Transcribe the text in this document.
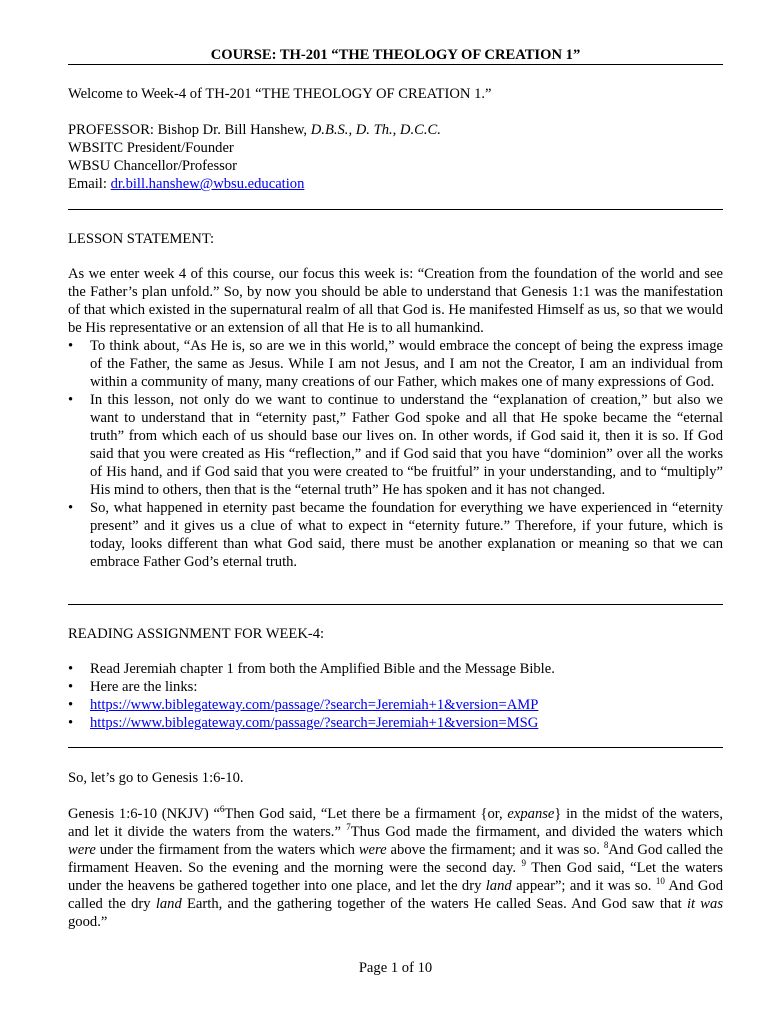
COURSE: TH-201 “THE THEOLOGY OF CREATION 1”
Welcome to Week-4 of TH-201 “THE THEOLOGY OF CREATION 1.”
PROFESSOR: Bishop Dr. Bill Hanshew, D.B.S., D. Th., D.C.C.
WBSITC President/Founder
WBSU Chancellor/Professor
Email: dr.bill.hanshew@wbsu.education
LESSON STATEMENT:
As we enter week 4 of this course, our focus this week is: “Creation from the foundation of the world and see the Father’s plan unfold.” So, by now you should be able to understand that Genesis 1:1 was the manifestation of that which existed in the supernatural realm of all that God is. He manifested Himself as us, so that we would be His representative or an extension of all that He is to all humankind.
•	To think about, “As He is, so are we in this world,” would embrace the concept of being the express image of the Father, the same as Jesus. While I am not Jesus, and I am not the Creator, I am an individual from within a community of many, many creations of our Father, which makes one of many expressions of God.
•	In this lesson, not only do we want to continue to understand the “explanation of creation,” but also we want to understand that in “eternity past,” Father God spoke and all that He spoke became the “eternal truth” from which each of us should base our lives on. In other words, if God said it, then it is so. If God said that you were created as His “reflection,” and if God said that you have “dominion” over all the works of His hand, and if God said that you were created to “be fruitful” in your understanding, and to “multiply” His mind to others, then that is the “eternal truth” He has spoken and it has not changed.
•	So, what happened in eternity past became the foundation for everything we have experienced in “eternity present” and it gives us a clue of what to expect in “eternity future.” Therefore, if your future, which is today, looks different than what God said, there must be another explanation or meaning so that we can embrace Father God’s eternal truth.
READING ASSIGNMENT FOR WEEK-4:
•	Read Jeremiah chapter 1 from both the Amplified Bible and the Message Bible.
•	Here are the links:
•	https://www.biblegateway.com/passage/?search=Jeremiah+1&version=AMP
•	https://www.biblegateway.com/passage/?search=Jeremiah+1&version=MSG
So, let’s go to Genesis 1:6-10.
Genesis 1:6-10 (NKJV) “$^6$Then God said, “Let there be a firmament {or, expanse} in the midst of the waters, and let it divide the waters from the waters.” $^7$Thus God made the firmament, and divided the waters which were under the firmament from the waters which were above the firmament; and it was so. $^8$And God called the firmament Heaven. So the evening and the morning were the second day. $^9$ Then God said, “Let the waters under the heavens be gathered together into one place, and let the dry land appear”; and it was so. $^{10}$ And God called the dry land Earth, and the gathering together of the waters He called Seas. And God saw that it was good.”
Page 1 of 10
